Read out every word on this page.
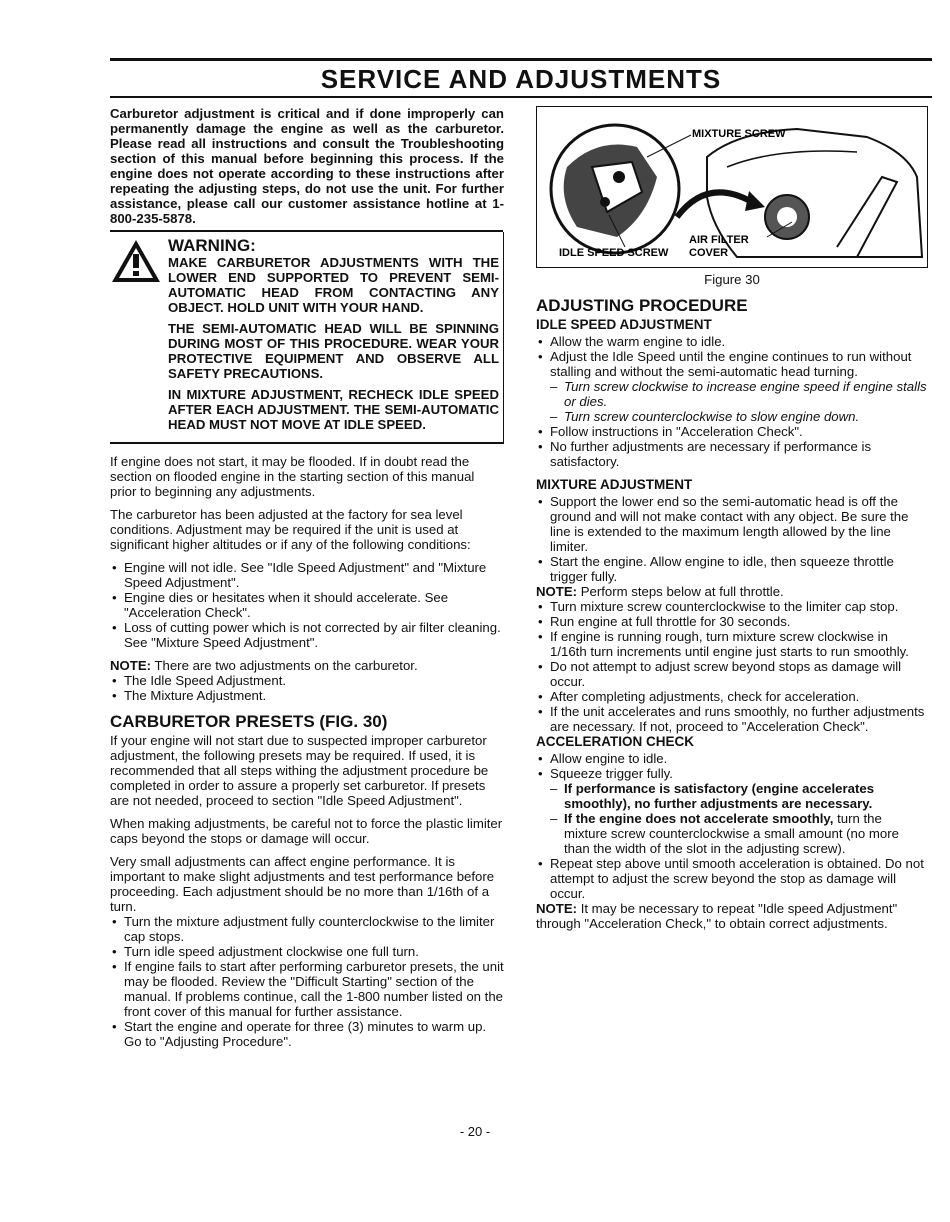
SERVICE AND ADJUSTMENTS

Carburetor adjustment is critical and if done improperly can permanently damage the engine as well as the carburetor. Please read all instructions and consult the Troubleshooting section of this manual before beginning this process. If the engine does not operate according to these instructions after repeating the adjusting steps, do not use the unit. For further assistance, please call our customer assistance hotline at 1-800-235-5878.

WARNING:

MAKE CARBURETOR ADJUSTMENTS WITH THE LOWER END SUPPORTED TO PREVENT SEMI-AUTOMATIC HEAD FROM CONTACTING ANY OBJECT. HOLD UNIT WITH YOUR HAND.

THE SEMI-AUTOMATIC HEAD WILL BE SPINNING DURING MOST OF THIS PROCEDURE. WEAR YOUR PROTECTIVE EQUIPMENT AND OBSERVE ALL SAFETY PRECAUTIONS.

IN MIXTURE ADJUSTMENT, RECHECK IDLE SPEED AFTER EACH ADJUSTMENT. THE SEMI-AUTOMATIC HEAD MUST NOT MOVE AT IDLE SPEED.

If engine does not start, it may be flooded. If in doubt read the section on flooded engine in the starting section of this manual prior to beginning any adjustments.

The carburetor has been adjusted at the factory for sea level conditions. Adjustment may be required if the unit is used at significant higher altitudes or if any of the following conditions:

• Engine will not idle. See "Idle Speed Adjustment" and "Mixture Speed Adjustment".
• Engine dies or hesitates when it should accelerate. See "Acceleration Check".
• Loss of cutting power which is not corrected by air filter cleaning. See "Mixture Speed Adjustment".
NOTE: There are two adjustments on the carburetor.
• The Idle Speed Adjustment.
• The Mixture Adjustment.
CARBURETOR PRESETS (FIG. 30)

If your engine will not start due to suspected improper carburetor adjustment, the following presets may be required. If used, it is recommended that all steps withing the adjustment procedure be completed in order to assure a properly set carburetor. If presets are not needed, proceed to section "Idle Speed Adjustment".

When making adjustments, be careful not to force the plastic limiter caps beyond the stops or damage will occur.

Very small adjustments can affect engine performance. It is important to make slight adjustments and test performance before proceeding. Each adjustment should be no more than 1/16th of a turn.

• Turn the mixture adjustment fully counterclockwise to the limiter cap stops.
• Turn idle speed adjustment clockwise one full turn.
• If engine fails to start after performing carburetor presets, the unit may be flooded. Review the "Difficult Starting" section of the manual. If problems continue, call the 1-800 number listed on the front cover of this manual for further assistance.
• Start the engine and operate for three (3) minutes to warm up. Go to "Adjusting Procedure".
MIXTURE SCREW
AIR FILTER
COVER
IDLE SPEED SCREW
Figure 30
ADJUSTING PROCEDURE
IDLE SPEED ADJUSTMENT
• Allow the warm engine to idle.
• Adjust the Idle Speed until the engine continues to run without stalling and without the semi-automatic head turning.
– Turn screw clockwise to increase engine speed if engine stalls or dies.
– Turn screw counterclockwise to slow engine down.
• Follow instructions in "Acceleration Check".
• No further adjustments are necessary if performance is satisfactory.
MIXTURE ADJUSTMENT
• Support the lower end so the semi-automatic head is off the ground and will not make contact with any object. Be sure the line is extended to the maximum length allowed by the line limiter.
• Start the engine. Allow engine to idle, then squeeze throttle trigger fully.
NOTE: Perform steps below at full throttle.
• Turn mixture screw counterclockwise to the limiter cap stop.
• Run engine at full throttle for 30 seconds.
• If engine is running rough, turn mixture screw clockwise in 1/16th turn increments until engine just starts to run smoothly.
• Do not attempt to adjust screw beyond stops as damage will occur.
• After completing adjustments, check for acceleration.
• If the unit accelerates and runs smoothly, no further adjustments are necessary. If not, proceed to "Acceleration Check".
ACCELERATION CHECK
• Allow engine to idle.
• Squeeze trigger fully.
– If performance is satisfactory (engine accelerates smoothly), no further adjustments are necessary.
– If the engine does not accelerate smoothly, turn the mixture screw counterclockwise a small amount (no more than the width of the slot in the adjusting screw).
• Repeat step above until smooth acceleration is obtained. Do not attempt to adjust the screw beyond the stop as damage will occur.
NOTE: It may be necessary to repeat "Idle speed Adjustment" through "Acceleration Check," to obtain correct adjustments.
- 20 -
